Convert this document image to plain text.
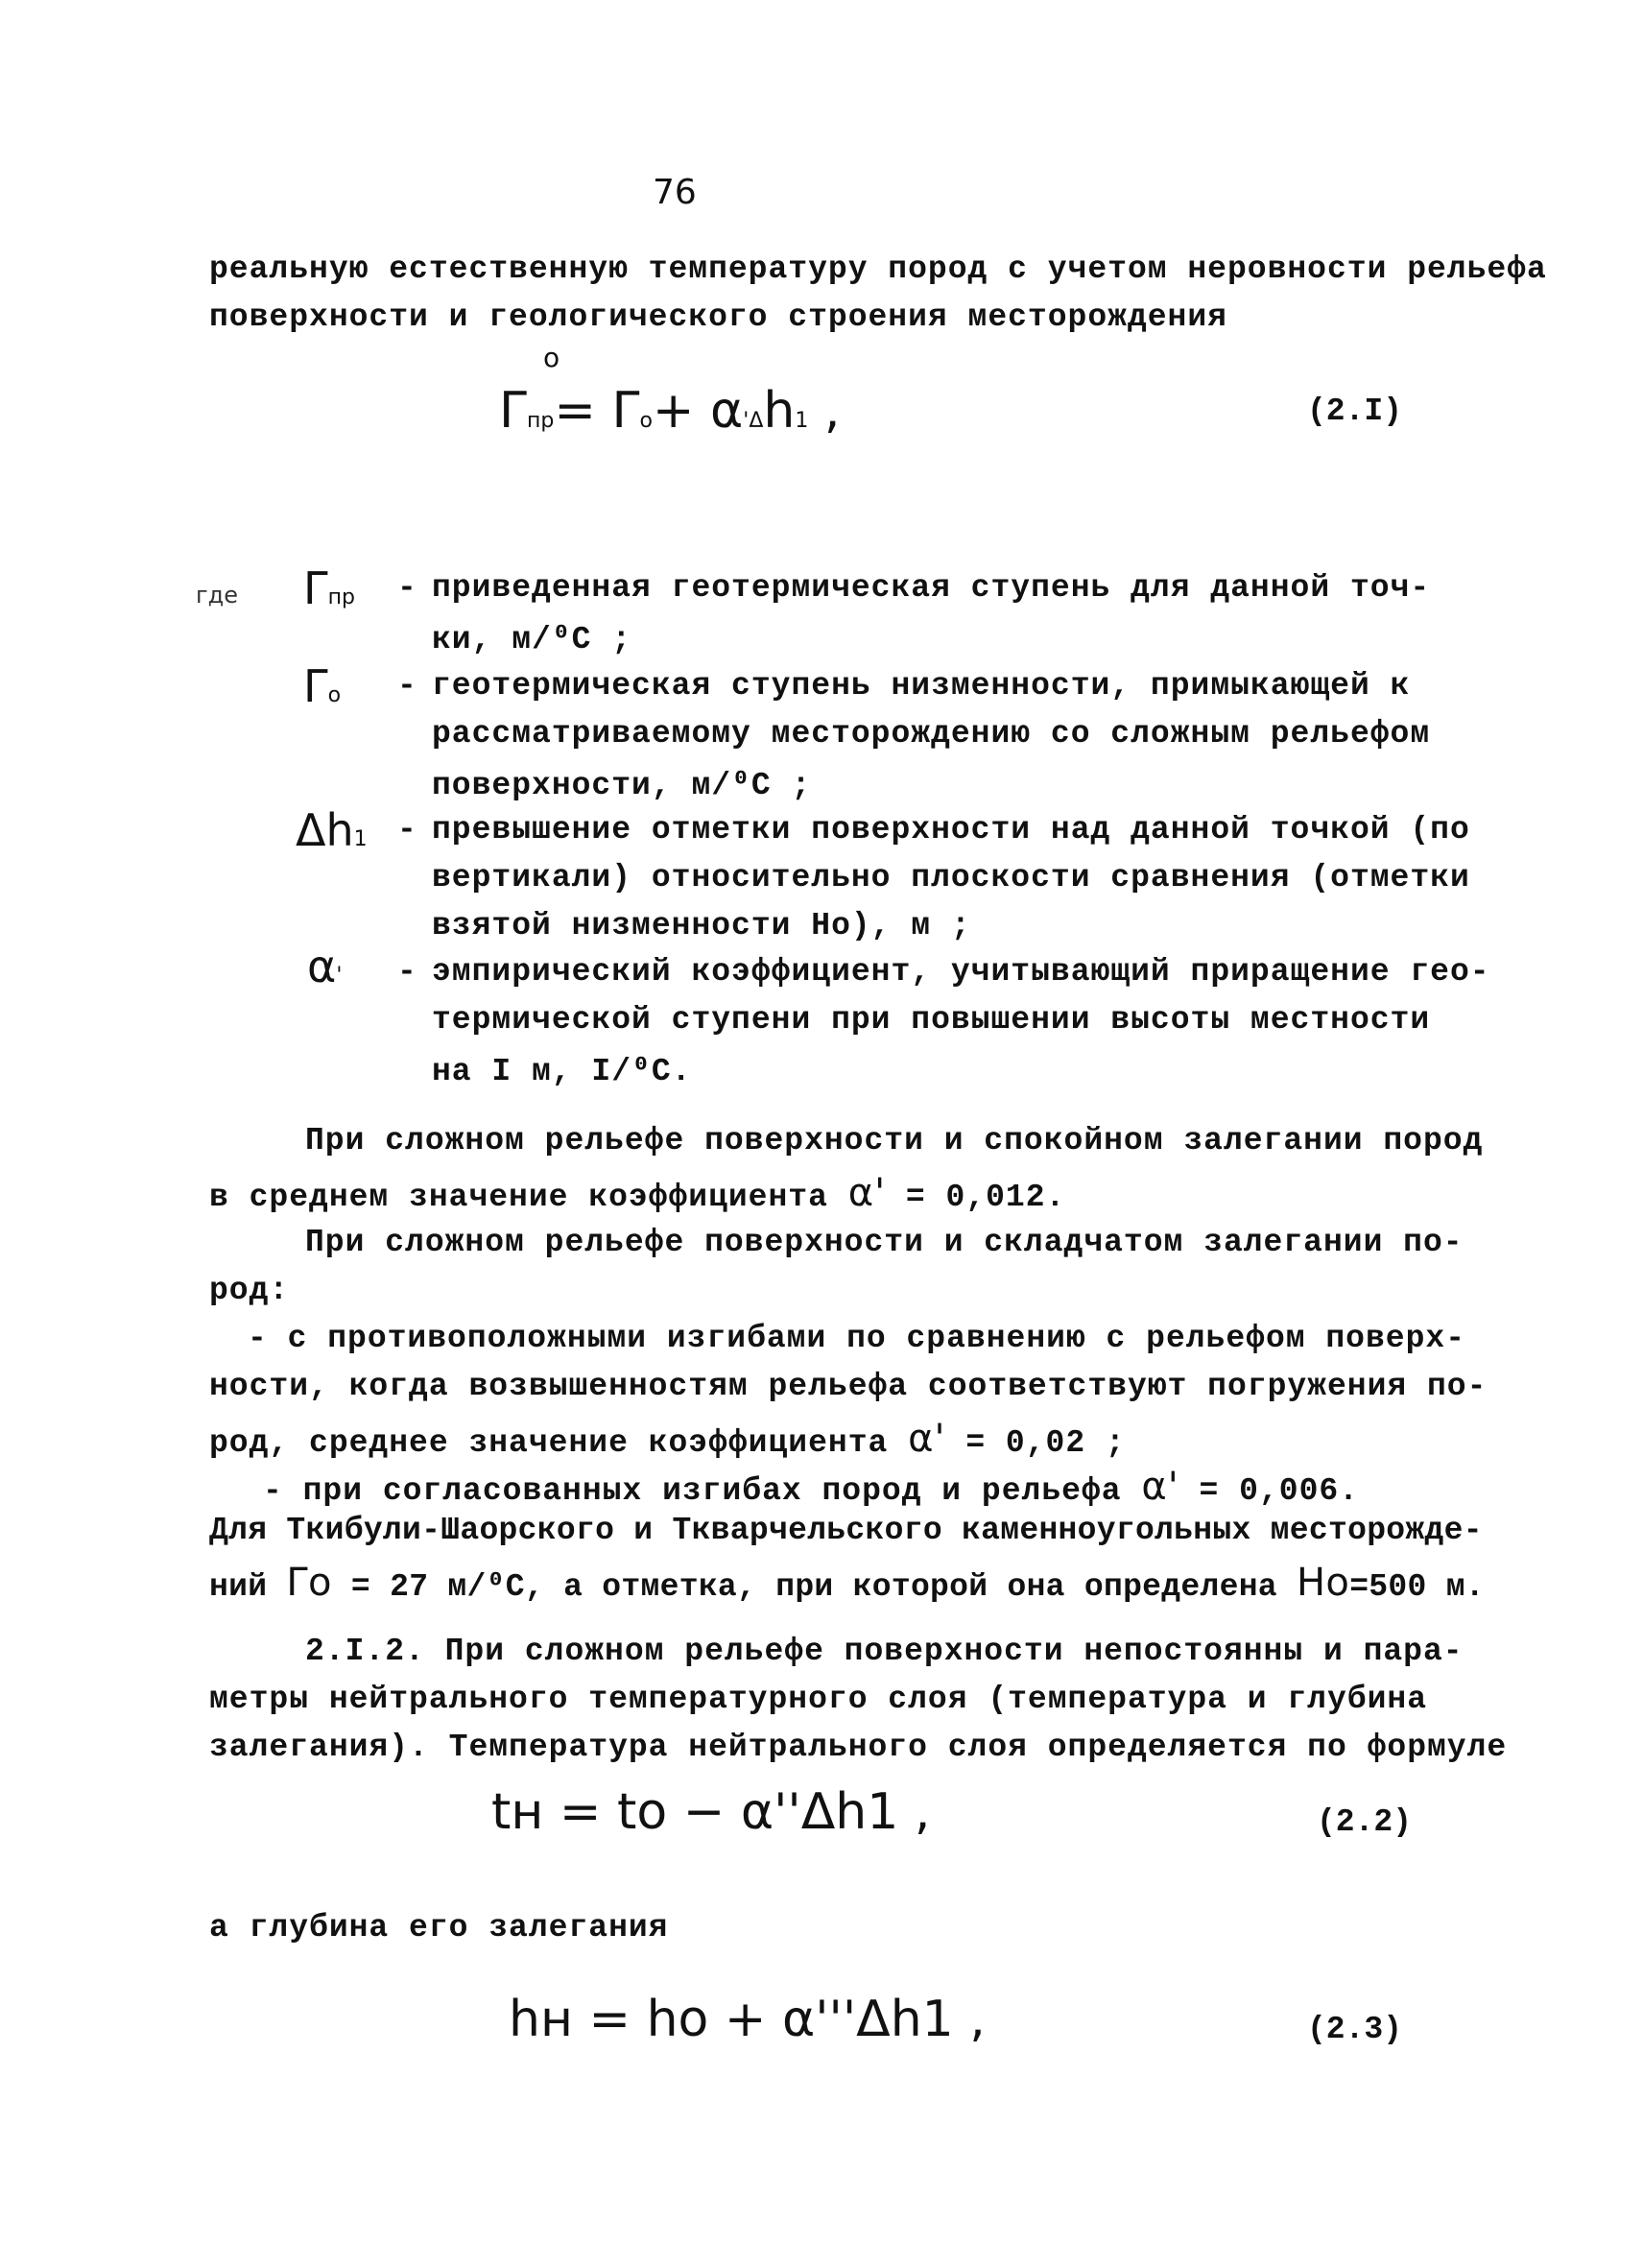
76
реальную естественную температуру пород с учетом неровности рельефа
поверхности и геологического строения месторождения
o
Γпр= Γo+ α'Δh1 ,	(2.I)
где Γпр - приведенная геотермическая ступень для данной точ-
ки, м/⁰C ;
Γo - геотермическая ступень низменности, примыкающей к
рассматриваемому месторождению со сложным рельефом
поверхности, м/⁰C ;
Δh1 - превышение отметки поверхности над данной точкой (по
вертикали) относительно плоскости сравнения (отметки
взятой низменности Но), м ;
α' - эмпирический коэффициент, учитывающий приращение гео-
термической ступени при повышении высоты местности
на I м, I/⁰C.
При сложном рельефе поверхности и спокойном залегании пород
в среднем значение коэффициента α' = 0,012.
При сложном рельефе поверхности и складчатом залегании по-
род:
- с противоположными изгибами по сравнению с рельефом поверх-
ности, когда возвышенностям рельефа соответствуют погружения по-
род, среднее значение коэффициента α' = 0,02 ;
- при согласованных изгибах пород и рельефа α' = 0,006.
Для Ткибули-Шаорского и Ткварчельского каменноугольных месторожде-
ний Γo = 27 м/⁰C, а отметка, при которой она определена Ho=500 м.
2.I.2. При сложном рельефе поверхности непостоянны и пара-
метры нейтрального температурного слоя (температура и глубина
залегания). Температура нейтрального слоя определяется по формуле
tн = to − α''Δh1 ,	(2.2)
а глубина его залегания
hн = ho + α'''Δh1 ,	(2.3)
